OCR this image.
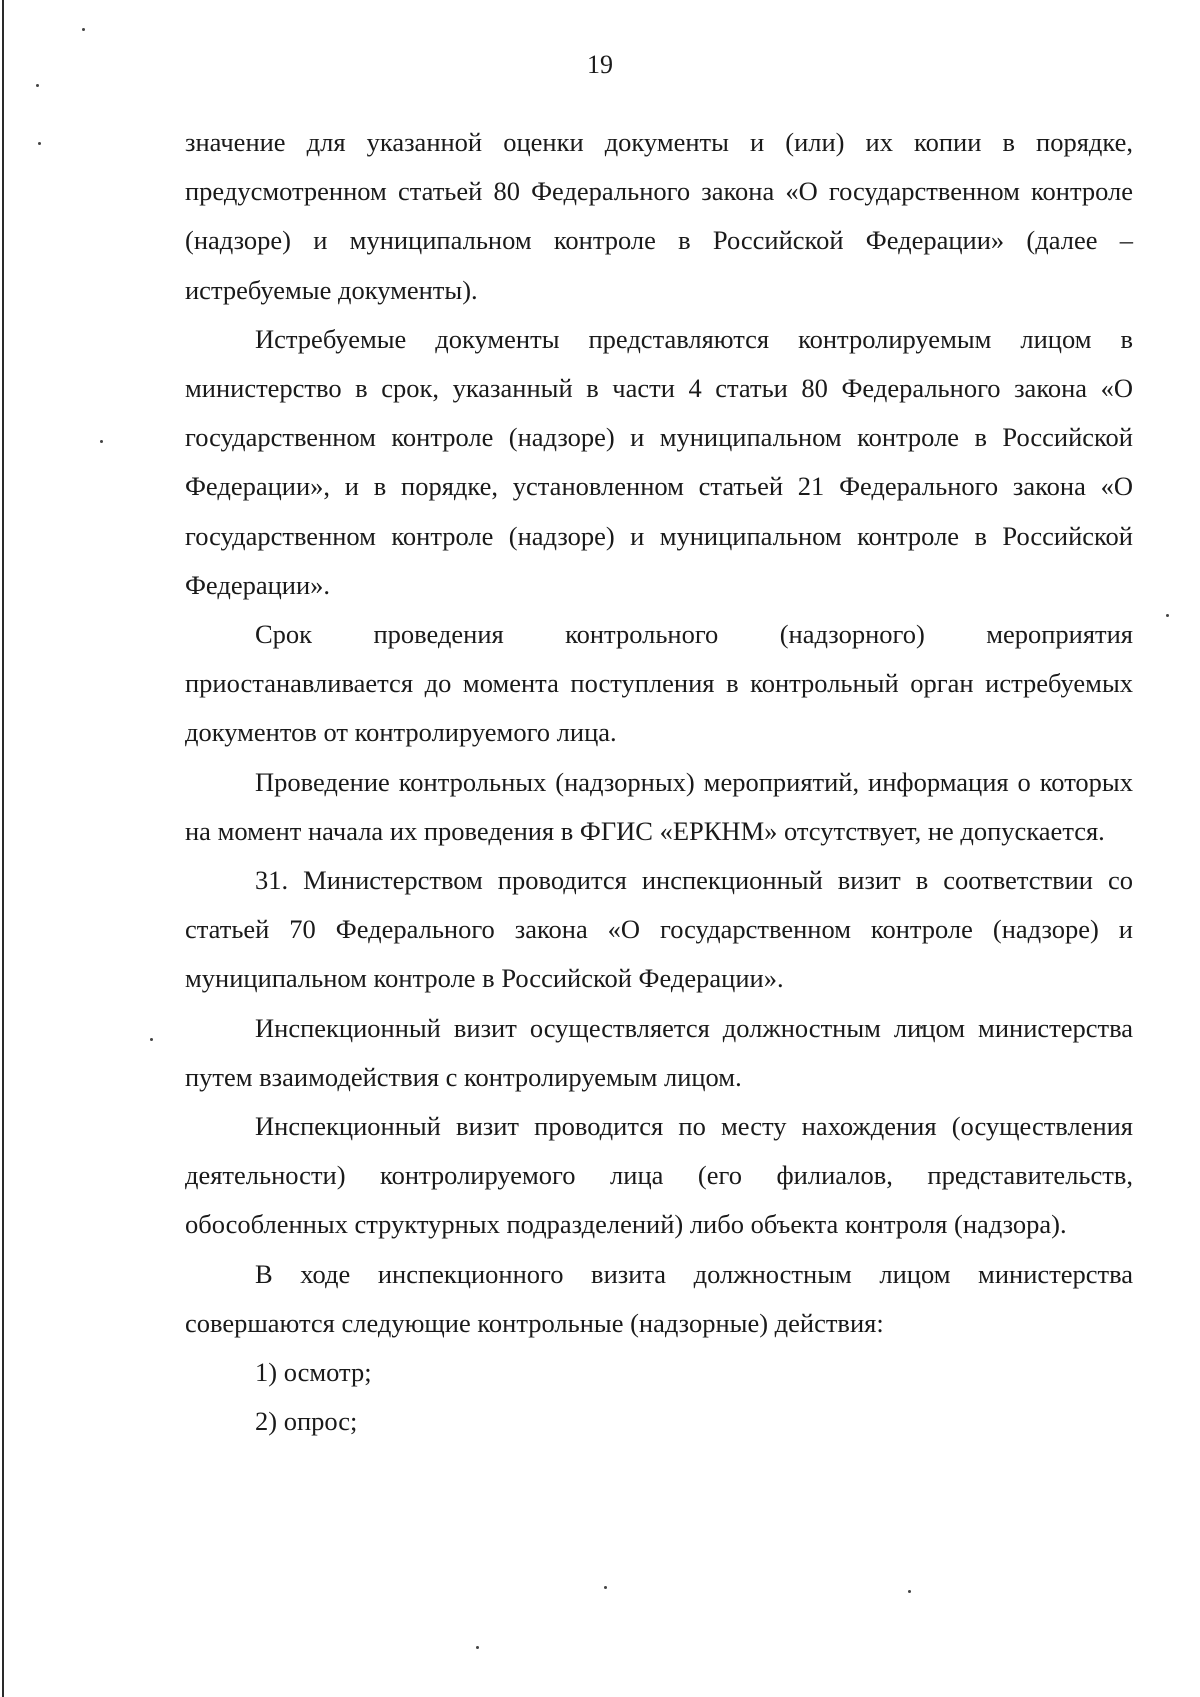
19

значение для указанной оценки документы и (или) их копии в порядке, предусмотренном статьей 80 Федерального закона «О государственном контроле (надзоре) и муниципальном контроле в Российской Федерации» (далее – истребуемые документы).

Истребуемые документы представляются контролируемым лицом в министерство в срок, указанный в части 4 статьи 80 Федерального закона «О государственном контроле (надзоре) и муниципальном контроле в Российской Федерации», и в порядке, установленном статьей 21 Федерального закона «О государственном контроле (надзоре) и муниципальном контроле в Российской Федерации».

Срок проведения контрольного (надзорного) мероприятия приостанавливается до момента поступления в контрольный орган истребуемых документов от контролируемого лица.

Проведение контрольных (надзорных) мероприятий, информация о которых на момент начала их проведения в ФГИС «ЕРКНМ» отсутствует, не допускается.

31. Министерством проводится инспекционный визит в соответствии со статьей 70 Федерального закона «О государственном контроле (надзоре) и муниципальном контроле в Российской Федерации».

Инспекционный визит осуществляется должностным лицом министерства путем взаимодействия с контролируемым лицом.

Инспекционный визит проводится по месту нахождения (осуществления деятельности) контролируемого лица (его филиалов, представительств, обособленных структурных подразделений) либо объекта контроля (надзора).

В ходе инспекционного визита должностным лицом министерства совершаются следующие контрольные (надзорные) действия:

1) осмотр;

2) опрос;
